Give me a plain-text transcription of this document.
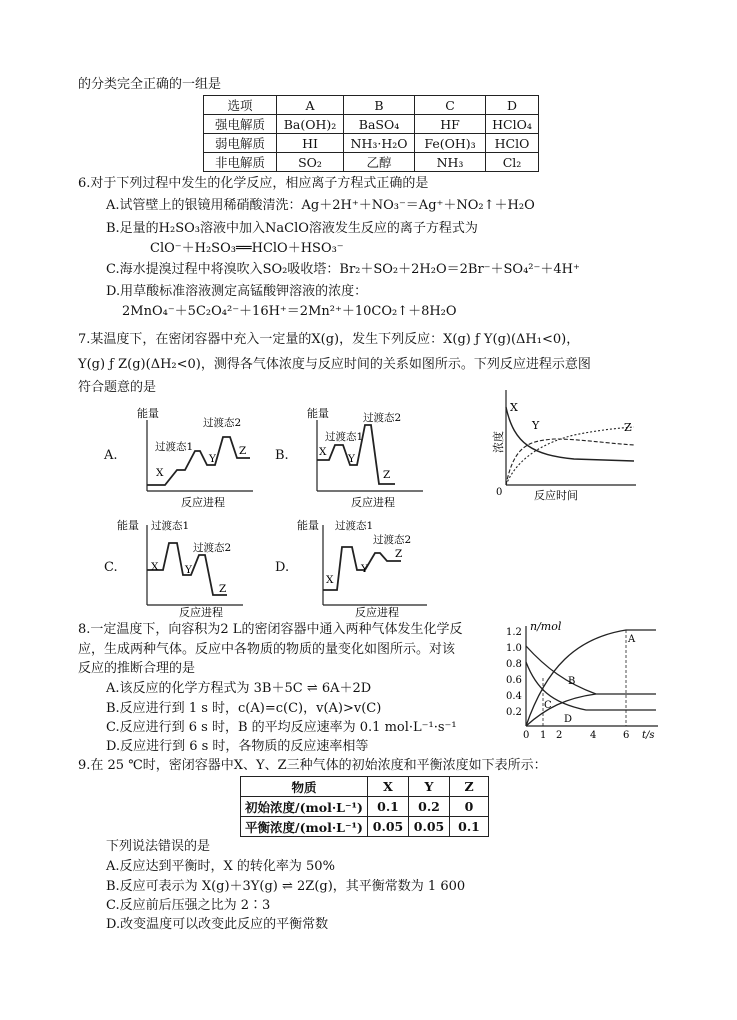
的分类完全正确的一组是
选项	A	B	C	D
强电解质	Ba(OH)₂	BaSO₄	HF	HClO₄
弱电解质	HI	NH₃·H₂O	Fe(OH)₃	HClO
非电解质	SO₂	乙醇	NH₃	Cl₂
6.对于下列过程中发生的化学反应，相应离子方程式正确的是
A.试管壁上的银镜用稀硝酸清洗：Ag＋2H⁺＋NO₃⁻＝Ag⁺＋NO₂↑＋H₂O
B.足量的H₂SO₃溶液中加入NaClO溶液发生反应的离子方程式为
ClO⁻＋H₂SO₃══HClO＋HSO₃⁻
C.海水提溴过程中将溴吹入SO₂吸收塔：Br₂＋SO₂＋2H₂O＝2Br⁻＋SO₄²⁻＋4H⁺
D.用草酸标准溶液测定高锰酸钾溶液的浓度：
2MnO₄⁻＋5C₂O₄²⁻＋16H⁺＝2Mn²⁺＋10CO₂↑＋8H₂O
7.某温度下，在密闭容器中充入一定量的X(g)，发生下列反应：X(g) ƒ Y(g)(ΔH₁<0)，
Y(g) ƒ Z(g)(ΔH₂<0)，测得各气体浓度与反应时间的关系如图所示。下列反应进程示意图
符合题意的是
A.
能量
过渡态1
过渡态2
X
Y
Z
反应进程
B.
能量
过渡态1
过渡态2
X
Y
Z
反应进程
X
Y	Z
浓度
0	反应时间
C.
能量 过渡态1
过渡态2
X	Y
Z
反应进程
D.
能量 过渡态1
过渡态2
X
Y
Z
反应进程
8.一定温度下，向容积为2 L的密闭容器中通入两种气体发生化学反
应，生成两种气体。反应中各物质的物质的量变化如图所示。对该
反应的推断合理的是
A.该反应的化学方程式为 3B＋5C ⇌ 6A＋2D
B.反应进行到 1 s 时，c(A)=c(C)，v(A)>v(C)
C.反应进行到 6 s 时，B 的平均反应速率为 0.1 mol·L⁻¹·s⁻¹
D.反应进行到 6 s 时，各物质的反应速率相等
n/mol
1.2
1.0
0.8
0.6
0.4
0.2
0 1 2	4	6 t/s
A
B
C
D
9.在 25 ℃时，密闭容器中X、Y、Z三种气体的初始浓度和平衡浓度如下表所示：
物质	X	Y	Z
初始浓度/(mol·L⁻¹)	0.1	0.2	0
平衡浓度/(mol·L⁻¹)	0.05	0.05	0.1
下列说法错误的是
A.反应达到平衡时，X 的转化率为 50%
B.反应可表示为 X(g)＋3Y(g) ⇌ 2Z(g)，其平衡常数为 1 600
C.反应前后压强之比为 2∶3
D.改变温度可以改变此反应的平衡常数
